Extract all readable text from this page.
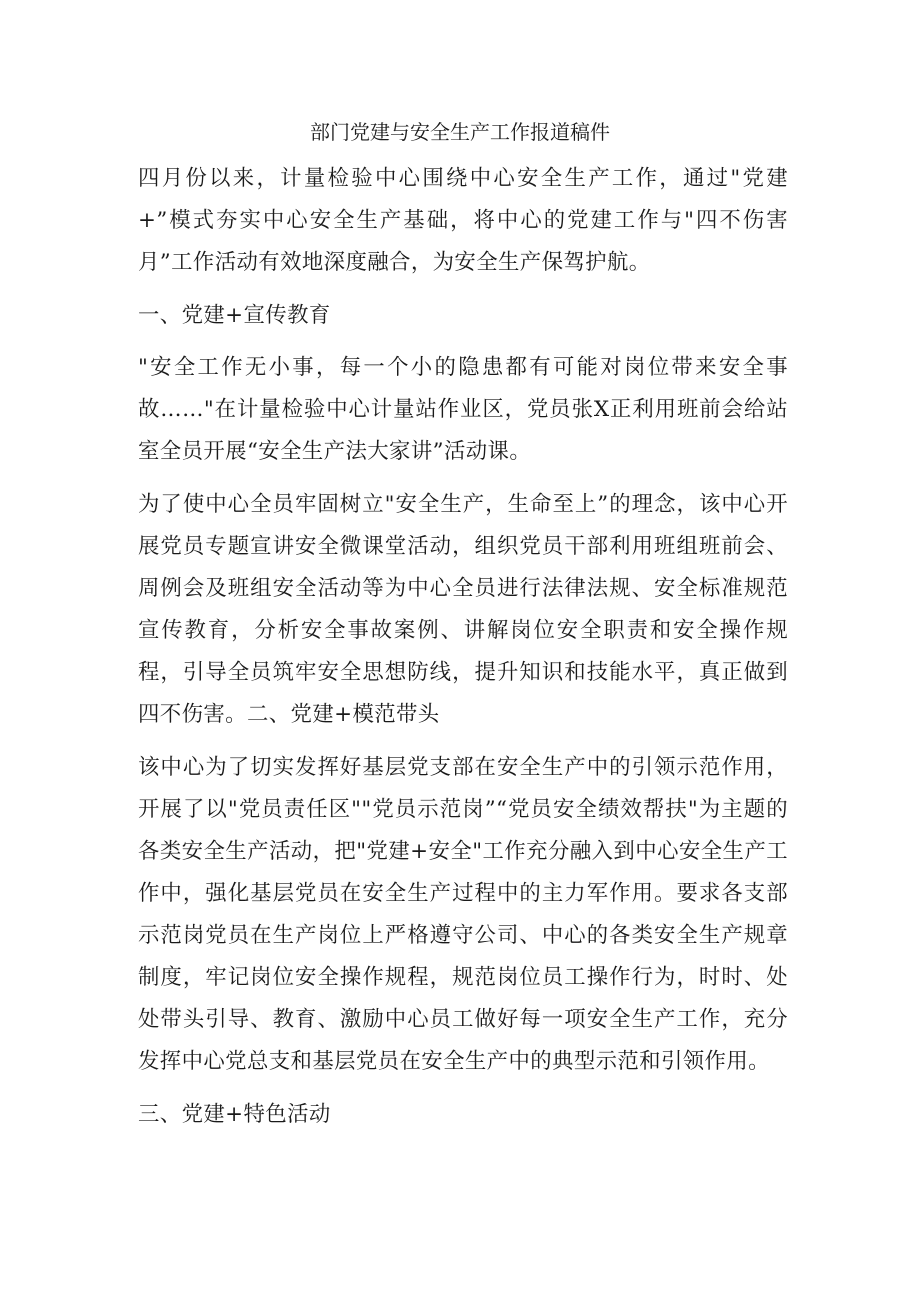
部门党建与安全生产工作报道稿件

四月份以来，计量检验中心围绕中心安全生产工作，通过"党建+”模式夯实中心安全生产基础，将中心的党建工作与"四不伤害月”工作活动有效地深度融合，为安全生产保驾护航。

一、党建+宣传教育

"安全工作无小事，每一个小的隐患都有可能对岗位带来安全事故……"在计量检验中心计量站作业区，党员张X正利用班前会给站室全员开展“安全生产法大家讲”活动课。

为了使中心全员牢固树立"安全生产，生命至上”的理念，该中心开展党员专题宣讲安全微课堂活动，组织党员干部利用班组班前会、周例会及班组安全活动等为中心全员进行法律法规、安全标准规范宣传教育，分析安全事故案例、讲解岗位安全职责和安全操作规程，引导全员筑牢安全思想防线，提升知识和技能水平，真正做到四不伤害。二、党建+模范带头

该中心为了切实发挥好基层党支部在安全生产中的引领示范作用，开展了以"党员责任区""党员示范岗”“党员安全绩效帮扶"为主题的各类安全生产活动，把"党建+安全"工作充分融入到中心安全生产工作中，强化基层党员在安全生产过程中的主力军作用。要求各支部示范岗党员在生产岗位上严格遵守公司、中心的各类安全生产规章制度，牢记岗位安全操作规程，规范岗位员工操作行为，时时、处处带头引导、教育、激励中心员工做好每一项安全生产工作，充分发挥中心党总支和基层党员在安全生产中的典型示范和引领作用。

三、党建+特色活动
